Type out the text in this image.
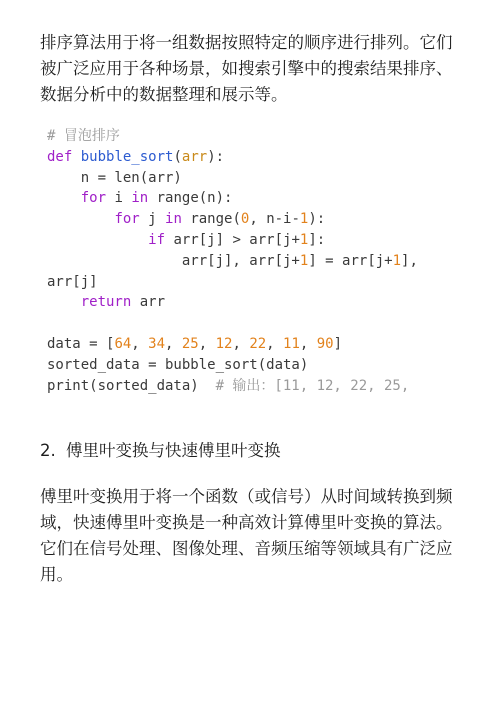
排序算法用于将一组数据按照特定的顺序进行排列。它们被广泛应用于各种场景，如搜索引擎中的搜索结果排序、数据分析中的数据整理和展示等。

# 冒泡排序
def bubble_sort(arr):
n = len(arr)
for i in range(n):
for j in range(0, n-i-1):
if arr[j] > arr[j+1]:
arr[j], arr[j+1] = arr[j+1],
arr[j]
return arr
data = [64, 34, 25, 12, 22, 11, 90]
sorted_data = bubble_sort(data)
print(sorted_data)  # 输出：[11, 12, 22, 25,
2. 傅里叶变换与快速傅里叶变换

傅里叶变换用于将一个函数（或信号）从时间域转换到频域，快速傅里叶变换是一种高效计算傅里叶变换的算法。它们在信号处理、图像处理、音频压缩等领域具有广泛应用。
